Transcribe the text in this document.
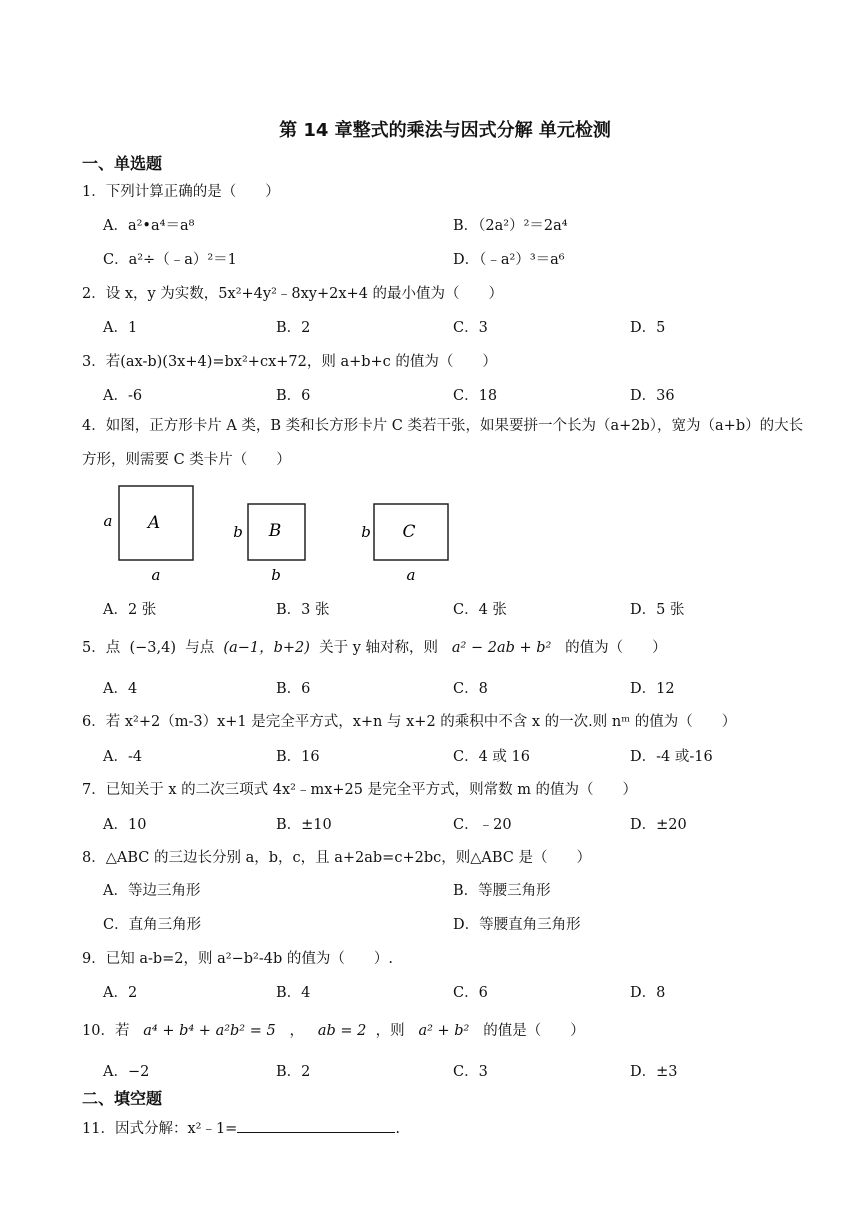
第 14 章整式的乘法与因式分解 单元检测
一、单选题
1．下列计算正确的是（　　）
A．a²•a⁴＝a⁸	B．（2a²）²＝2a⁴
C．a²÷（﹣a）²＝1	D．（﹣a²）³＝a⁶
2．设 x，y 为实数，5x²+4y²﹣8xy+2x+4 的最小值为（　　）
A．1	B．2	C．3	D．5
3．若(ax-b)(3x+4)=bx²+cx+72，则 a+b+c 的值为（　　）
A．-6	B．6	C．18	D．36
4．如图，正方形卡片 A 类，B 类和长方形卡片 C 类若干张，如果要拼一个长为（a+2b），宽为（a+b）的大长方形，则需要 C 类卡片（　　）
A
a
a
B
b
b
C
b
a
A．2 张	B．3 张	C．4 张	D．5 张
5．点 (−3,4) 与点 (a−1，b+2) 关于 y 轴对称，则 a² − 2ab + b² 的值为（　　）
A．4	B．6	C．8	D．12
6．若 x²+2（m-3）x+1 是完全平方式，x+n 与 x+2 的乘积中不含 x 的一次.则 nᵐ 的值为（　　）
A．-4	B．16	C．4 或 16	D．-4 或-16
7．已知关于 x 的二次三项式 4x²﹣mx+25 是完全平方式，则常数 m 的值为（　　）
A．10	B．±10	C．﹣20	D．±20
8．△ABC 的三边长分别 a，b，c，且 a+2ab=c+2bc，则△ABC 是（　　）
A．等边三角形	B．等腰三角形
C．直角三角形	D．等腰直角三角形
9．已知 a-b=2，则 a²−b²-4b 的值为（　　）.
A．2	B．4	C．6	D．8
10．若 a⁴ + b⁴ + a²b² = 5 ， ab = 2 ，则 a² + b² 的值是（　　）
A．−2	B．2	C．3	D．±3
二、填空题
11．因式分解：x²﹣1=	.
